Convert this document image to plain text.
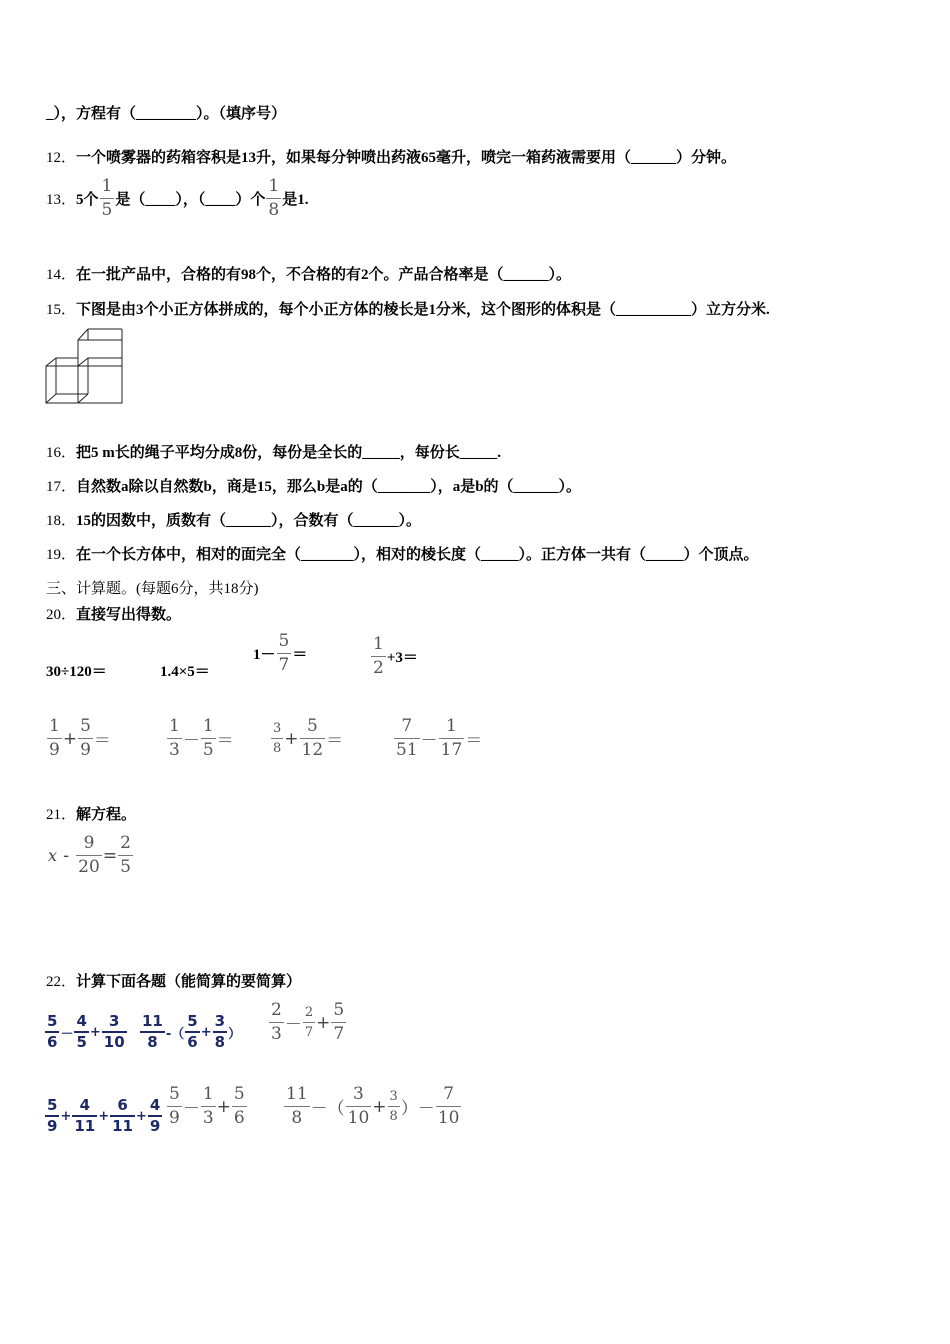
_），方程有（________）。（填序号）
12．一个喷雾器的药箱容积是13升，如果每分钟喷出药液65毫升，喷完一箱药液需要用（______）分钟。
13． 5个 $\frac{1}{5}$ 是（____），（____）个 $\frac{1}{8}$ 是1.
14．在一批产品中，合格的有98个，不合格的有2个。产品合格率是（______）。
15．下图是由3个小正方体拼成的，每个小正方体的棱长是1分米，这个图形的体积是（__________）立方分米.
16．把5 m长的绳子平均分成8份，每份是全长的_____，每份长_____.
17．自然数a除以自然数b，商是15，那么b是a的（_______），a是b的（______）。
18．15的因数中，质数有（______），合数有（______）。
19．在一个长方体中，相对的面完全（_______），相对的棱长度（_____）。正方体一共有（_____）个顶点。
三、计算题。(每题6分，共18分)
20．直接写出得数。
30÷120＝	1.4×5＝
$1- \frac{5}{7}$ ＝	$\frac{1}{2} +3=$
$\frac{1}{9} + \frac{5}{9}$ ＝	$\frac{1}{3} - \frac{1}{5}$ ＝	$\frac{3}{8} + \frac{5}{12}$ ＝	$\frac{7}{51} - \frac{1}{17}$ ＝
21．解方程。
$x - \frac{9}{20} = \frac{2}{5}$
22．计算下面各题（能简算的要简算）
$\frac{5}{6} - \frac{4}{5} + \frac{3}{10} \frac{11}{8}$ -（ $\frac{5}{6} + \frac{3}{8}$ ） $\frac{2}{3} - \frac{2}{7} + \frac{5}{7}$
$\frac{5}{9} + \frac{4}{11} + \frac{6}{11} + \frac{4}{9} \frac{5}{9} - \frac{1}{3} + \frac{5}{6} \frac{11}{8}$ －（ $\frac{3}{10} + \frac{3}{8}$ ）－ $\frac{7}{10}$
